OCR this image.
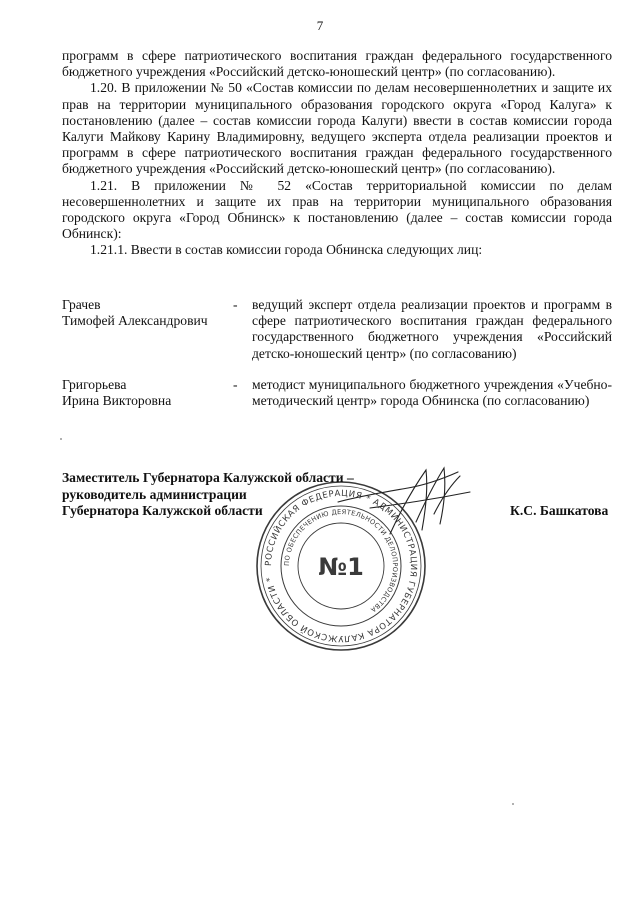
7

программ в сфере патриотического воспитания граждан федерального государственного бюджетного учреждения «Российский детско-юношеский центр» (по согласованию).

1.20. В приложении № 50 «Состав комиссии по делам несовершеннолетних и защите их прав на территории муниципального образования городского округа «Город Калуга» к постановлению (далее – состав комиссии города Калуги) ввести в состав комиссии города Калуги Майкову Карину Владимировну, ведущего эксперта отдела реализации проектов и программ в сфере патриотического воспитания граждан федерального государственного бюджетного учреждения «Российский детско-юношеский центр» (по согласованию).

1.21. В приложении № 52 «Состав территориальной комиссии по делам несовершеннолетних и защите их прав на территории муниципального образования городского округа «Город Обнинск» к постановлению (далее – состав комиссии города Обнинск):

1.21.1. Ввести в состав комиссии города Обнинска следующих лиц:

Грачев
Тимофей Александрович
- ведущий эксперт отдела реализации проектов и программ в сфере патриотического воспитания граждан федерального государственного бюджетного учреждения «Российский детско-юношеский центр» (по согласованию)
Григорьева
Ирина Викторовна
- методист муниципального бюджетного учреждения «Учебно-методический центр» города Обнинска (по согласованию)
РОССИЙСКАЯ ФЕДЕРАЦИЯ * АДМИНИСТРАЦИЯ ГУБЕРНАТОРА КАЛУЖСКОЙ ОБЛАСТИ *
ПО ОБЕСПЕЧЕНИЮ ДЕЯТЕЛЬНОСТИ ДЕЛОПРОИЗВОДСТВА
№1
Заместитель Губернатора Калужской области –
руководитель администрации
Губернатора Калужской области	К.С. Башкатова
